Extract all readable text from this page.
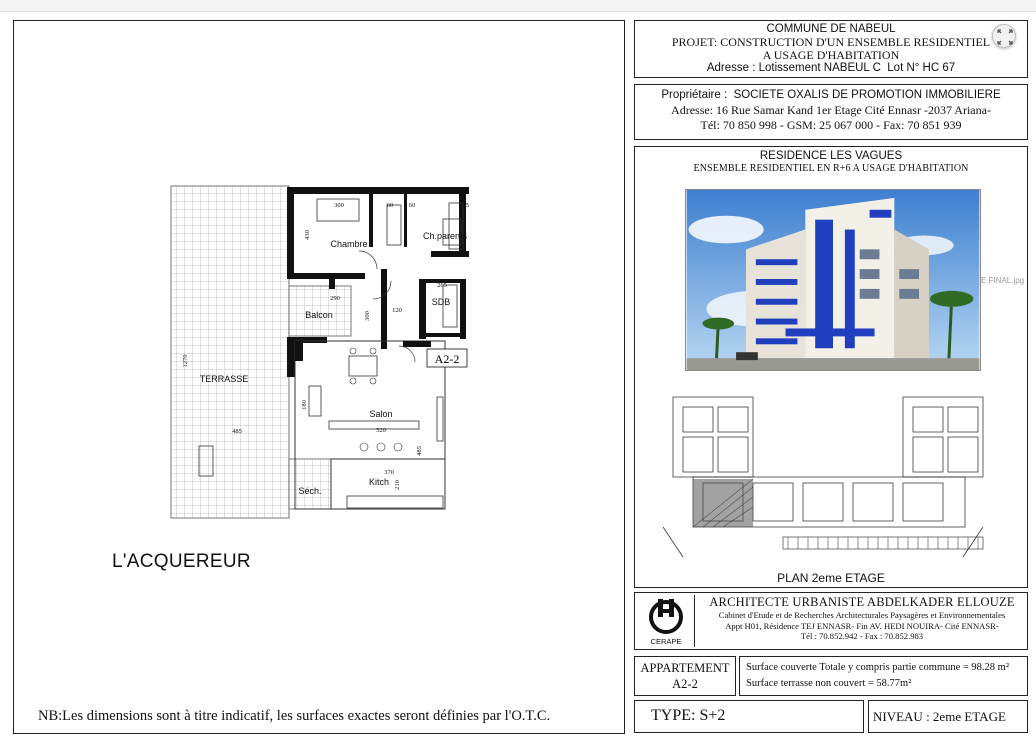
Chambre
Ch.parents
SDB
Balcon
TERRASSE
Salon
Kitch
Séch.
300	60 60	375
265
290
120
520
370
485
485
1270
180
210
300
430
A2-2
L'ACQUEREUR
NB:Les dimensions sont à titre indicatif, les surfaces exactes seront définies par l'O.T.C.
COMMUNE DE NABEUL
PROJET: CONSTRUCTION D'UN ENSEMBLE RESIDENTIEL
A USAGE D'HABITATION
Adresse : Lotissement NABEUL C Lot N° HC 67
Propriétaire : SOCIETE OXALIS DE PROMOTION IMMOBILIERE
Adresse: 16 Rue Samar Kand 1er Etage Cité Ennasr -2037 Ariana-
Tél: 70 850 998 - GSM: 25 067 000 - Fax: 70 851 939
RESIDENCE LES VAGUES
ENSEMBLE RESIDENTIEL EN R+6 A USAGE D'HABITATION
E FINAL.jpg
PLAN 2eme ETAGE
CERAPE
ARCHITECTE URBANISTE ABDELKADER ELLOUZE
Cabinet d'Etude et de Recherches Architecturales Paysagères et Environnementales
Appt H01, Résidence TEJ ENNASR- Fin AV. HEDI NOUIRA- Cité ENNASR-
Tél : 70.852.942 - Fax : 70.852.983
APPARTEMENT
A2-2
Surface couverte Totale y compris partie commune = 98.28 m²
Surface terrasse non couvert = 58.77m²
TYPE: S+2	NIVEAU : 2eme ETAGE
